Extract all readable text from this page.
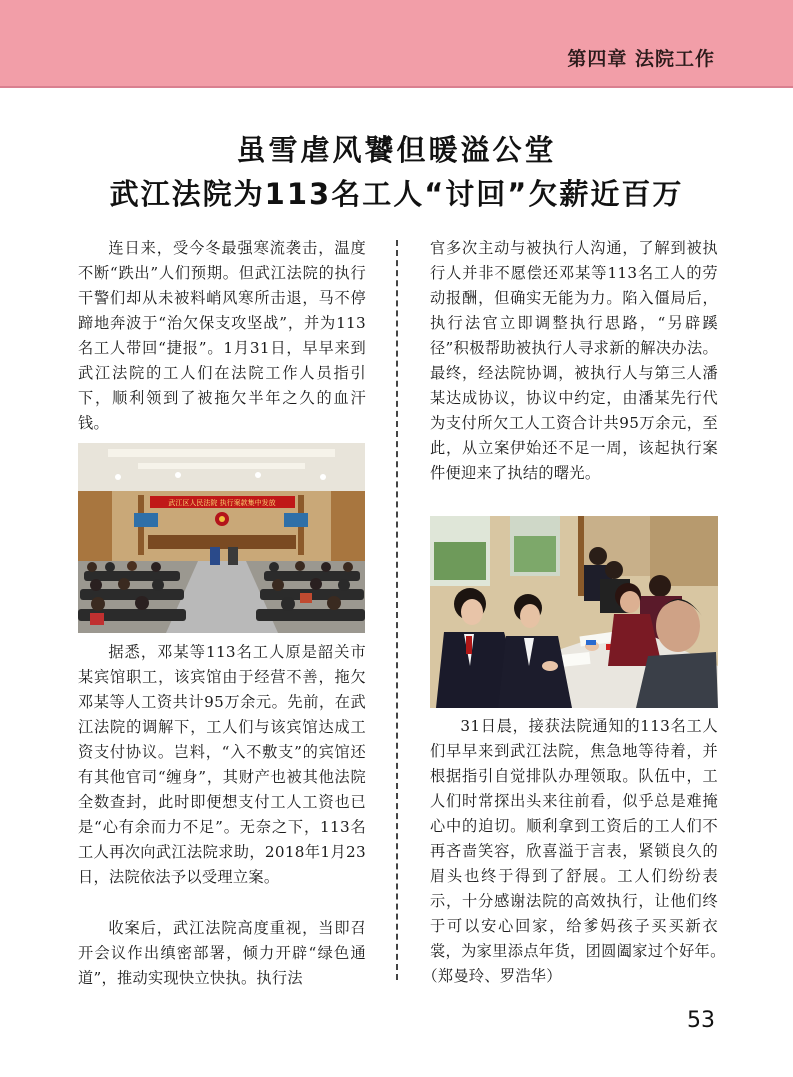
第四章 法院工作
虽雪虐风饕但暖溢公堂
武江法院为113名工人“讨回”欠薪近百万

连日来，受今冬最强寒流袭击，温度不断“跌出”人们预期。但武江法院的执行干警们却从未被料峭风寒所击退，马不停蹄地奔波于“治欠保支攻坚战”，并为113名工人带回“捷报”。1月31日，早早来到武江法院的工人们在法院工作人员指引下，顺利领到了被拖欠半年之久的血汗钱。

武江区人民法院 执行案款集中发放

据悉，邓某等113名工人原是韶关市某宾馆职工，该宾馆由于经营不善，拖欠邓某等人工资共计95万余元。先前，在武江法院的调解下，工人们与该宾馆达成工资支付协议。岂料，“入不敷支”的宾馆还有其他官司“缠身”，其财产也被其他法院全数查封，此时即便想支付工人工资也已是“心有余而力不足”。无奈之下，113名工人再次向武江法院求助，2018年1月23日，法院依法予以受理立案。

收案后，武江法院高度重视，当即召开会议作出缜密部署，倾力开辟“绿色通道”，推动实现快立快执。执行法

官多次主动与被执行人沟通，了解到被执行人并非不愿偿还邓某等113名工人的劳动报酬，但确实无能为力。陷入僵局后，执行法官立即调整执行思路，“另辟蹊径”积极帮助被执行人寻求新的解决办法。最终，经法院协调，被执行人与第三人潘某达成协议，协议中约定，由潘某先行代为支付所欠工人工资合计共95万余元，至此，从立案伊始还不足一周，该起执行案件便迎来了执结的曙光。

31日晨，接获法院通知的113名工人们早早来到武江法院，焦急地等待着，并根据指引自觉排队办理领取。队伍中，工人们时常探出头来往前看，似乎总是难掩心中的迫切。顺利拿到工资后的工人们不再吝啬笑容，欣喜溢于言表，紧锁良久的眉头也终于得到了舒展。工人们纷纷表示，十分感谢法院的高效执行，让他们终于可以安心回家，给爹妈孩子买买新衣裳，为家里添点年货，团圆阖家过个好年。　　（郑曼玲、罗浩华）

53
